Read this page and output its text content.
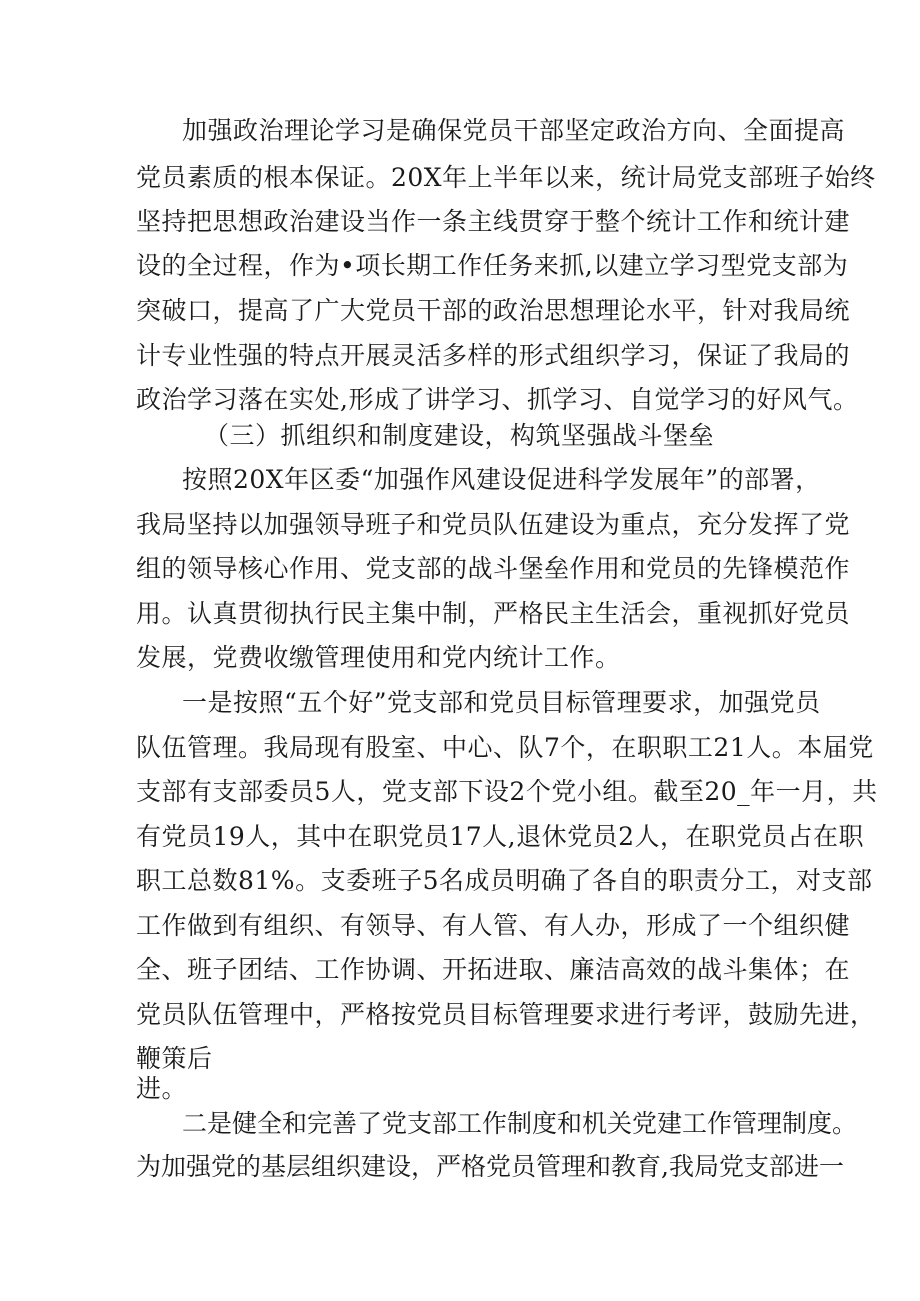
加强政治理论学习是确保党员干部坚定政治方向、全面提高
党员素质的根本保证。20X年上半年以来，统计局党支部班子始终
坚持把思想政治建设当作一条主线贯穿于整个统计工作和统计建
设的全过程，作为•项长期工作任务来抓,以建立学习型党支部为
突破口，提高了广大党员干部的政治思想理论水平，针对我局统
计专业性强的特点开展灵活多样的形式组织学习，保证了我局的
政治学习落在实处,形成了讲学习、抓学习、自觉学习的好风气。
（三）抓组织和制度建设，构筑坚强战斗堡垒
按照20X年区委“加强作风建设促进科学发展年”的部署，
我局坚持以加强领导班子和党员队伍建设为重点，充分发挥了党
组的领导核心作用、党支部的战斗堡垒作用和党员的先锋模范作
用。认真贯彻执行民主集中制，严格民主生活会，重视抓好党员
发展，党费收缴管理使用和党内统计工作。
一是按照“五个好”党支部和党员目标管理要求，加强党员
队伍管理。我局现有股室、中心、队7个，在职职工21人。本届党
支部有支部委员5人，党支部下设2个党小组。截至20_年一月，共
有党员19人，其中在职党员17人,退休党员2人，在职党员占在职
职工总数81%。支委班子5名成员明确了各自的职责分工，对支部
工作做到有组织、有领导、有人管、有人办，形成了一个组织健
全、班子团结、工作协调、开拓进取、廉洁高效的战斗集体；在
党员队伍管理中，严格按党员目标管理要求进行考评，鼓励先进，
鞭策后
进。
二是健全和完善了党支部工作制度和机关党建工作管理制度。
为加强党的基层组织建设，严格党员管理和教育,我局党支部进一
